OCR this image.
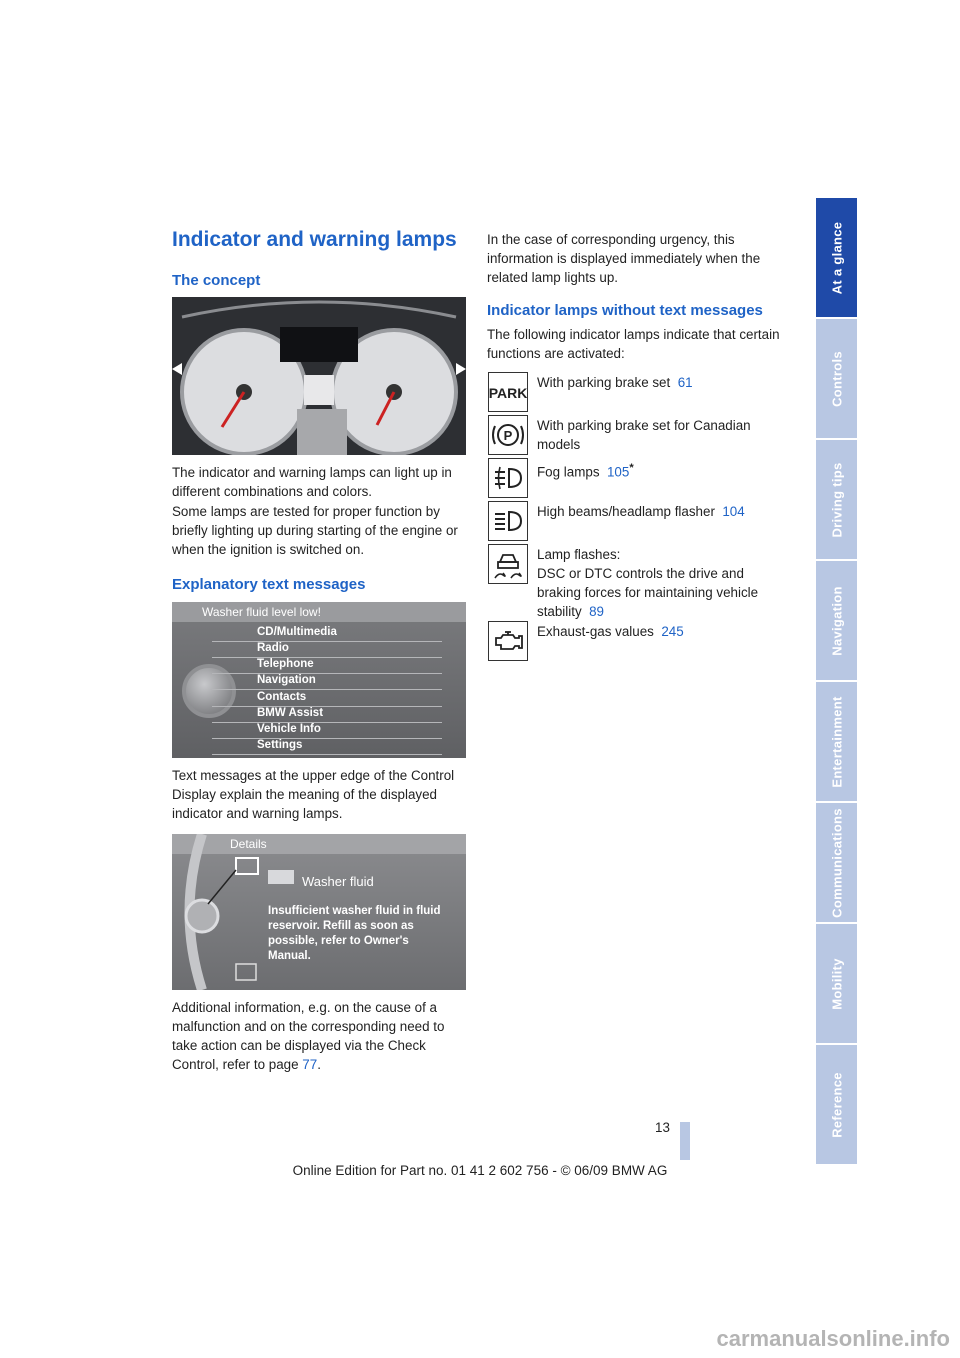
At a glance
Controls
Driving tips
Navigation
Entertainment
Communications
Mobility
Reference
Indicator and warning lamps
The concept

The indicator and warning lamps can light up in different combinations and colors.

Some lamps are tested for proper function by briefly lighting up during starting of the engine or when the ignition is switched on.

Explanatory text messages
Washer fluid level low!
CD/Multimedia
Radio
Telephone
Navigation
Contacts
BMW Assist
Vehicle Info
Settings

Text messages at the upper edge of the Control Display explain the meaning of the displayed indicator and warning lamps.

Details
Washer fluid
Insufficient washer fluid in fluid reservoir. Refill as soon as possible, refer to Owner's Manual.

Additional information, e.g. on the cause of a malfunction and on the corresponding need to take action can be displayed via the Check Control, refer to page 77.

In the case of corresponding urgency, this information is displayed immediately when the related lamp lights up.

Indicator lamps without text messages

The following indicator lamps indicate that certain functions are activated:

PARK
With parking brake set 61
P
With parking brake set for Canadian models
Fog lamps 105*
High beams/headlamp flasher 104
Lamp flashes:
DSC or DTC controls the drive and braking forces for maintaining vehicle stability 89
Exhaust-gas values 245
13
Online Edition for Part no. 01 41 2 602 756 - © 06/09 BMW AG
carmanualsonline.info
